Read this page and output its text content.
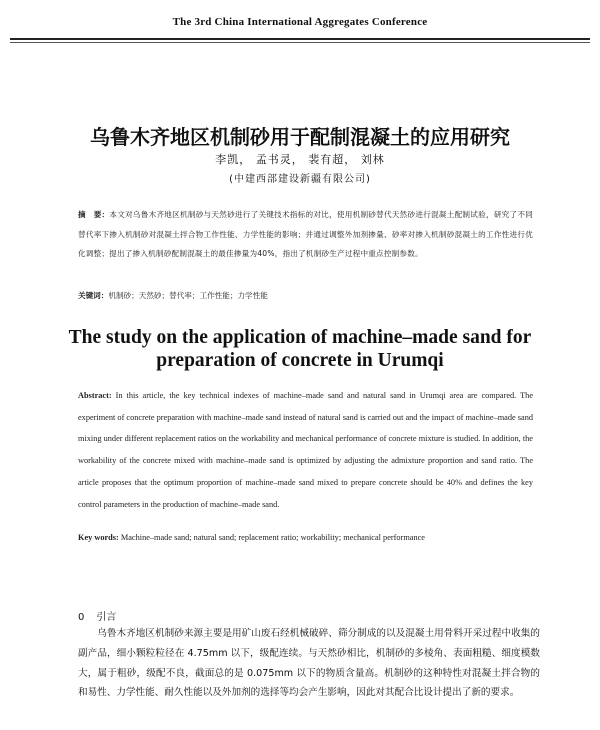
The 3rd China International Aggregates Conference
乌鲁木齐地区机制砂用于配制混凝土的应用研究
李凯， 孟书灵， 裴有超， 刘林
(中建西部建设新疆有限公司)
摘　要：本文对乌鲁木齐地区机制砂与天然砂进行了关键技术指标的对比，使用机制砂替代天然砂进行混凝土配制试验，研究了不同替代率下掺入机制砂对混凝土拌合物工作性能、力学性能的影响；并通过调整外加剂掺量、砂率对掺入机制砂混凝土的工作性进行优化调整；提出了掺入机制砂配制混凝土的最佳掺量为40%，指出了机制砂生产过程中重点控制参数。
关键词：机制砂；天然砂；替代率；工作性能；力学性能
The study on the application of machine–made sand for preparation of concrete in Urumqi
Abstract: In this article, the key technical indexes of machine–made sand and natural sand in Urumqi area are compared. The experiment of concrete preparation with machine–made sand instead of natural sand is carried out and the impact of machine–made sand mixing under different replacement ratios on the workability and mechanical performance of concrete mixture is studied. In addition, the workability of the concrete mixed with machine–made sand is optimized by adjusting the admixture proportion and sand ratio. The article proposes that the optimum proportion of machine–made sand mixed to prepare concrete should be 40% and defines the key control parameters in the production of machine–made sand.
Key words: Machine–made sand; natural sand; replacement ratio; workability; mechanical performance
0 引言
乌鲁木齐地区机制砂来源主要是用矿山废石经机械破碎、筛分制成的以及混凝土用骨料开采过程中收集的副产品，细小颗粒粒径在 4.75mm 以下，级配连续。与天然砂相比，机制砂的多棱角、表面粗糙、细度模数大，属于粗砂，级配不良，截面总的是 0.075mm 以下的物质含量高。机制砂的这种特性对混凝土拌合物的和易性、力学性能、耐久性能以及外加剂的选择等均会产生影响，因此对其配合比设计提出了新的要求。
